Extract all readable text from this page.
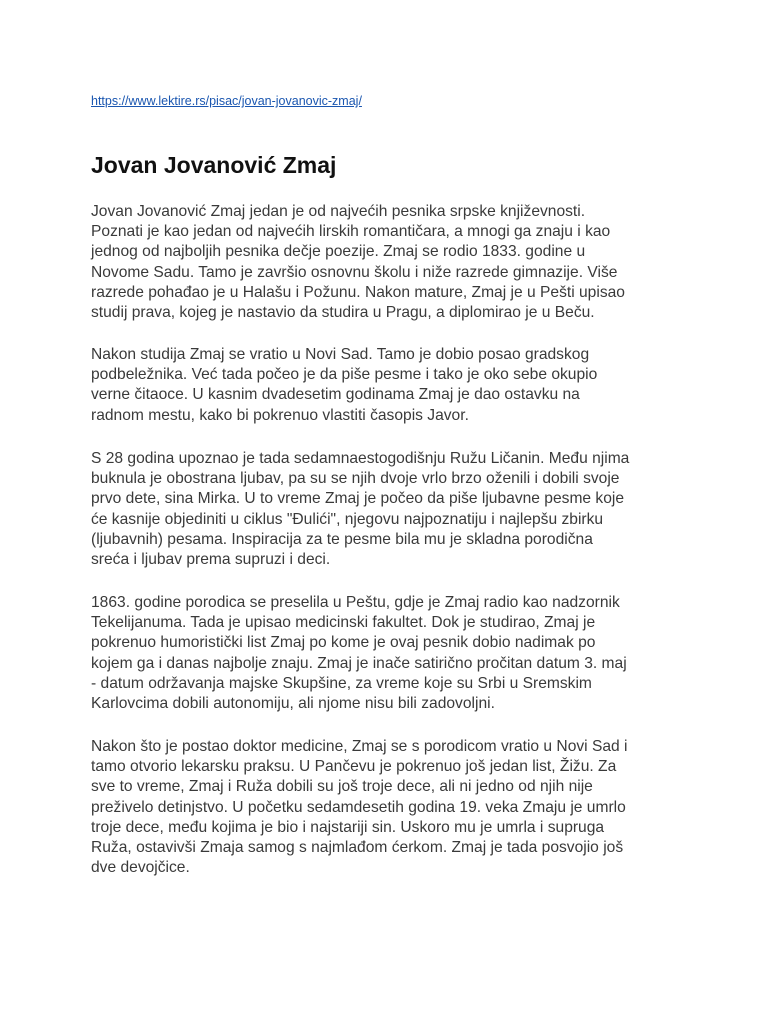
https://www.lektire.rs/pisac/jovan-jovanovic-zmaj/
Jovan Jovanović Zmaj
Jovan Jovanović Zmaj jedan je od najvećih pesnika srpske književnosti.
Poznati je kao jedan od najvećih lirskih romantičara, a mnogi ga znaju i kao
jednog od najboljih pesnika dečje poezije. Zmaj se rodio 1833. godine u
Novome Sadu. Tamo je završio osnovnu školu i niže razrede gimnazije. Više
razrede pohađao je u Halašu i Požunu. Nakon mature, Zmaj je u Pešti upisao
studij prava, kojeg je nastavio da studira u Pragu, a diplomirao je u Beču.
Nakon studija Zmaj se vratio u Novi Sad. Tamo je dobio posao gradskog
podbeležnika. Već tada počeo je da piše pesme i tako je oko sebe okupio
verne čitaoce. U kasnim dvadesetim godinama Zmaj je dao ostavku na
radnom mestu, kako bi pokrenuo vlastiti časopis Javor.
S 28 godina upoznao je tada sedamnaestogodišnju Ružu Ličanin. Među njima
buknula je obostrana ljubav, pa su se njih dvoje vrlo brzo oženili i dobili svoje
prvo dete, sina Mirka. U to vreme Zmaj je počeo da piše ljubavne pesme koje
će kasnije objediniti u ciklus "Đulići", njegovu najpoznatiju i najlepšu zbirku
(ljubavnih) pesama. Inspiracija za te pesme bila mu je skladna porodična
sreća i ljubav prema supruzi i deci.
1863. godine porodica se preselila u Peštu, gdje je Zmaj radio kao nadzornik
Tekelijanuma. Tada je upisao medicinski fakultet. Dok je studirao, Zmaj je
pokrenuo humoristički list Zmaj po kome je ovaj pesnik dobio nadimak po
kojem ga i danas najbolje znaju. Zmaj je inače satirično pročitan datum 3. maj
- datum održavanja majske Skupšine, za vreme koje su Srbi u Sremskim
Karlovcima dobili autonomiju, ali njome nisu bili zadovoljni.
Nakon što je postao doktor medicine, Zmaj se s porodicom vratio u Novi Sad i
tamo otvorio lekarsku praksu. U Pančevu je pokrenuo još jedan list, Žižu. Za
sve to vreme, Zmaj i Ruža dobili su još troje dece, ali ni jedno od njih nije
preživelo detinjstvo. U početku sedamdesetih godina 19. veka Zmaju je umrlo
troje dece, među kojima je bio i najstariji sin. Uskoro mu je umrla i supruga
Ruža, ostavivši Zmaja samog s najmlađom ćerkom. Zmaj je tada posvojio još
dve devojčice.
